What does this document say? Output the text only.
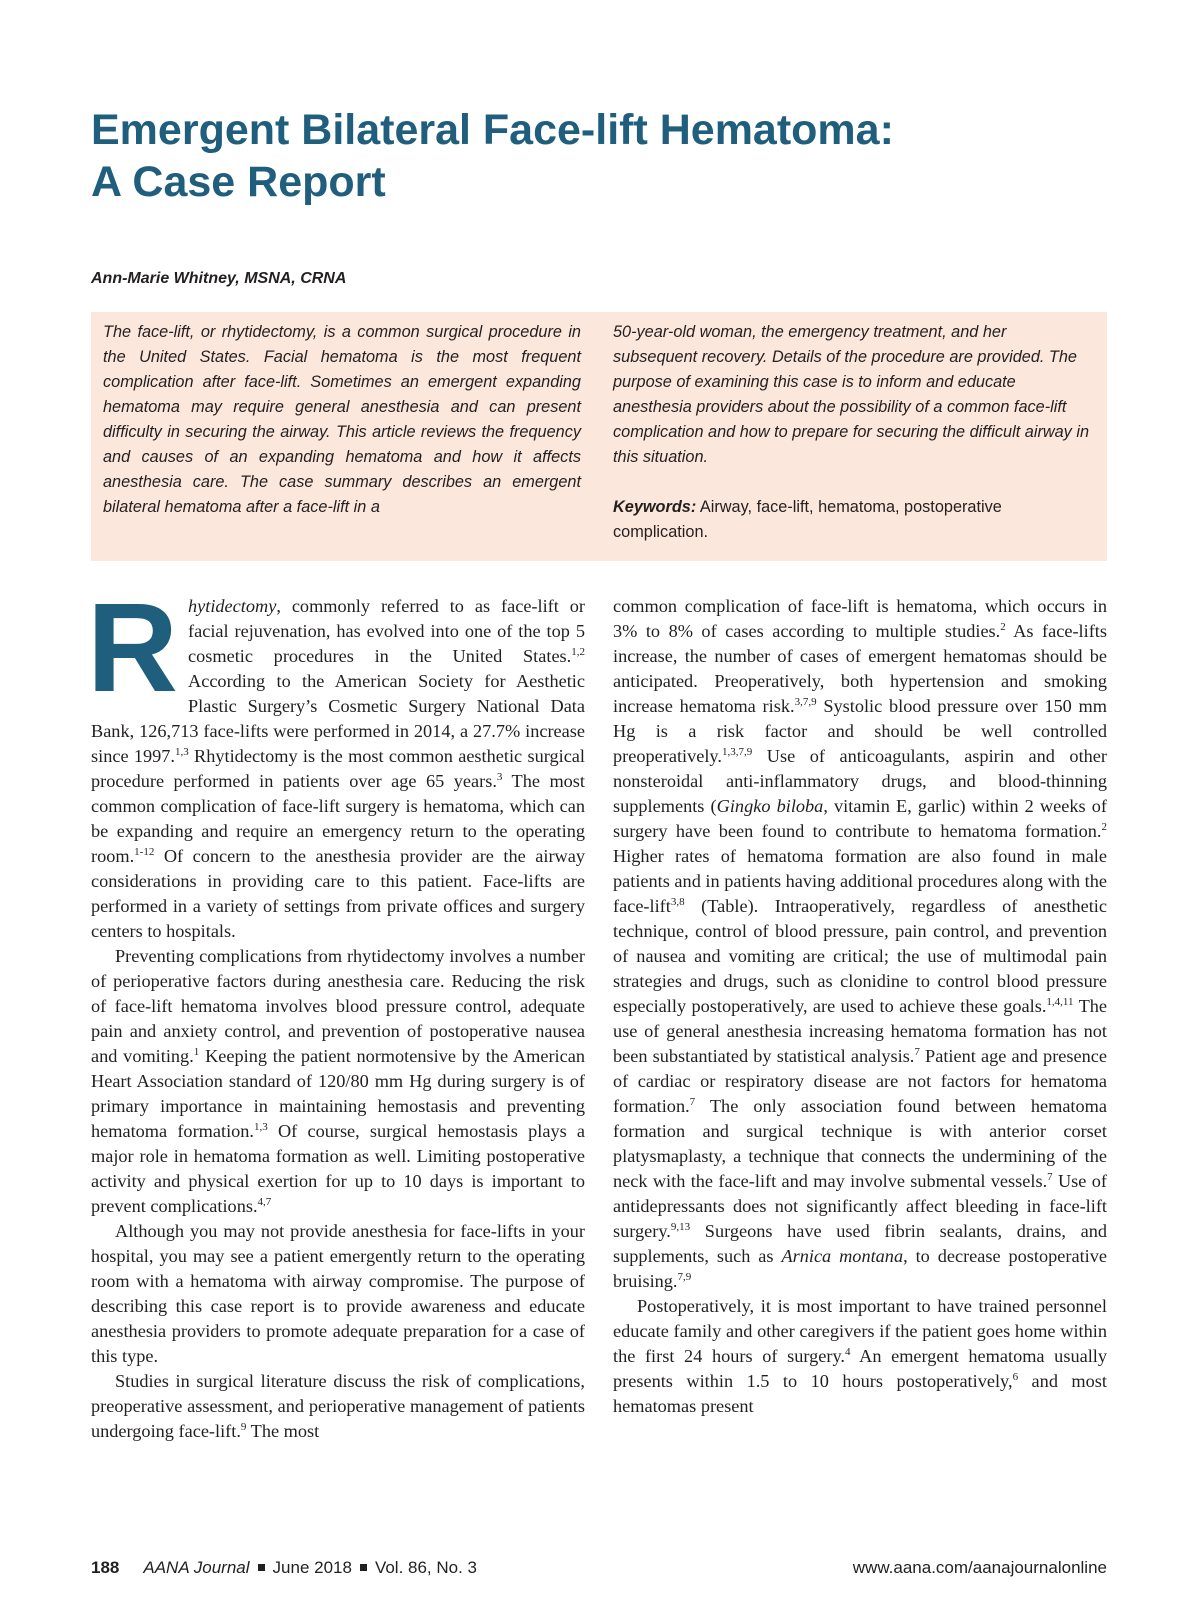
Emergent Bilateral Face-lift Hematoma:
A Case Report
Ann-Marie Whitney, MSNA, CRNA

The face-lift, or rhytidectomy, is a common surgical procedure in the United States. Facial hematoma is the most frequent complication after face-lift. Sometimes an emergent expanding hematoma may require general anesthesia and can present difficulty in securing the airway. This article reviews the frequency and causes of an expanding hematoma and how it affects anesthesia care. The case summary describes an emergent bilateral hematoma after a face-lift in a

50-year-old woman, the emergency treatment, and her subsequent recovery. Details of the procedure are provided. The purpose of examining this case is to inform and educate anesthesia providers about the possibility of a common face-lift complication and how to prepare for securing the difficult airway in this situation.

Keywords: Airway, face-lift, hematoma, postoperative complication.

Rhytidectomy, commonly referred to as face-lift or facial rejuvenation, has evolved into one of the top 5 cosmetic procedures in the United States.$^{1,2}$ According to the American Society for Aesthetic Plastic Surgery’s Cosmetic Surgery National Data Bank, 126,713 face-lifts were performed in 2014, a 27.7% increase since 1997.$^{1,3}$ Rhytidectomy is the most common aesthetic surgical procedure performed in patients over age 65 years.$^3$ The most common complication of face-lift surgery is hematoma, which can be expanding and require an emergency return to the operating room.$^{1-12}$ Of concern to the anesthesia provider are the airway considerations in providing care to this patient. Face-lifts are performed in a variety of settings from private offices and surgery centers to hospitals.

Preventing complications from rhytidectomy involves a number of perioperative factors during anesthesia care. Reducing the risk of face-lift hematoma involves blood pressure control, adequate pain and anxiety control, and prevention of postoperative nausea and vomiting.$^1$ Keeping the patient normotensive by the American Heart Association standard of 120/80 mm Hg during surgery is of primary importance in maintaining hemostasis and preventing hematoma formation.$^{1,3}$ Of course, surgical hemostasis plays a major role in hematoma formation as well. Limiting postoperative activity and physical exertion for up to 10 days is important to prevent complications.$^{4,7}$

Although you may not provide anesthesia for face-lifts in your hospital, you may see a patient emergently return to the operating room with a hematoma with airway compromise. The purpose of describing this case report is to provide awareness and educate anesthesia providers to promote adequate preparation for a case of this type.

Studies in surgical literature discuss the risk of complications, preoperative assessment, and perioperative management of patients undergoing face-lift.$^9$ The most

common complication of face-lift is hematoma, which occurs in 3% to 8% of cases according to multiple studies.$^2$ As face-lifts increase, the number of cases of emergent hematomas should be anticipated. Preoperatively, both hypertension and smoking increase hematoma risk.$^{3,7,9}$ Systolic blood pressure over 150 mm Hg is a risk factor and should be well controlled preoperatively.$^{1,3,7,9}$ Use of anticoagulants, aspirin and other nonsteroidal anti-inflammatory drugs, and blood-thinning supplements (Gingko biloba, vitamin E, garlic) within 2 weeks of surgery have been found to contribute to hematoma formation.$^2$ Higher rates of hematoma formation are also found in male patients and in patients having additional procedures along with the face-lift$^{3,8}$ (Table). Intraoperatively, regardless of anesthetic technique, control of blood pressure, pain control, and prevention of nausea and vomiting are critical; the use of multimodal pain strategies and drugs, such as clonidine to control blood pressure especially postoperatively, are used to achieve these goals.$^{1,4,11}$ The use of general anesthesia increasing hematoma formation has not been substantiated by statistical analysis.$^7$ Patient age and presence of cardiac or respiratory disease are not factors for hematoma formation.$^7$ The only association found between hematoma formation and surgical technique is with anterior corset platysmaplasty, a technique that connects the undermining of the neck with the face-lift and may involve submental vessels.$^7$ Use of antidepressants does not significantly affect bleeding in face-lift surgery.$^{9,13}$ Surgeons have used fibrin sealants, drains, and supplements, such as Arnica montana, to decrease postoperative bruising.$^{7,9}$

Postoperatively, it is most important to have trained personnel educate family and other caregivers if the patient goes home within the first 24 hours of surgery.$^4$ An emergent hematoma usually presents within 1.5 to 10 hours postoperatively,$^6$ and most hematomas present

188 AANA Journal June 2018 Vol. 86, No. 3	www.aana.com/aanajournalonline
